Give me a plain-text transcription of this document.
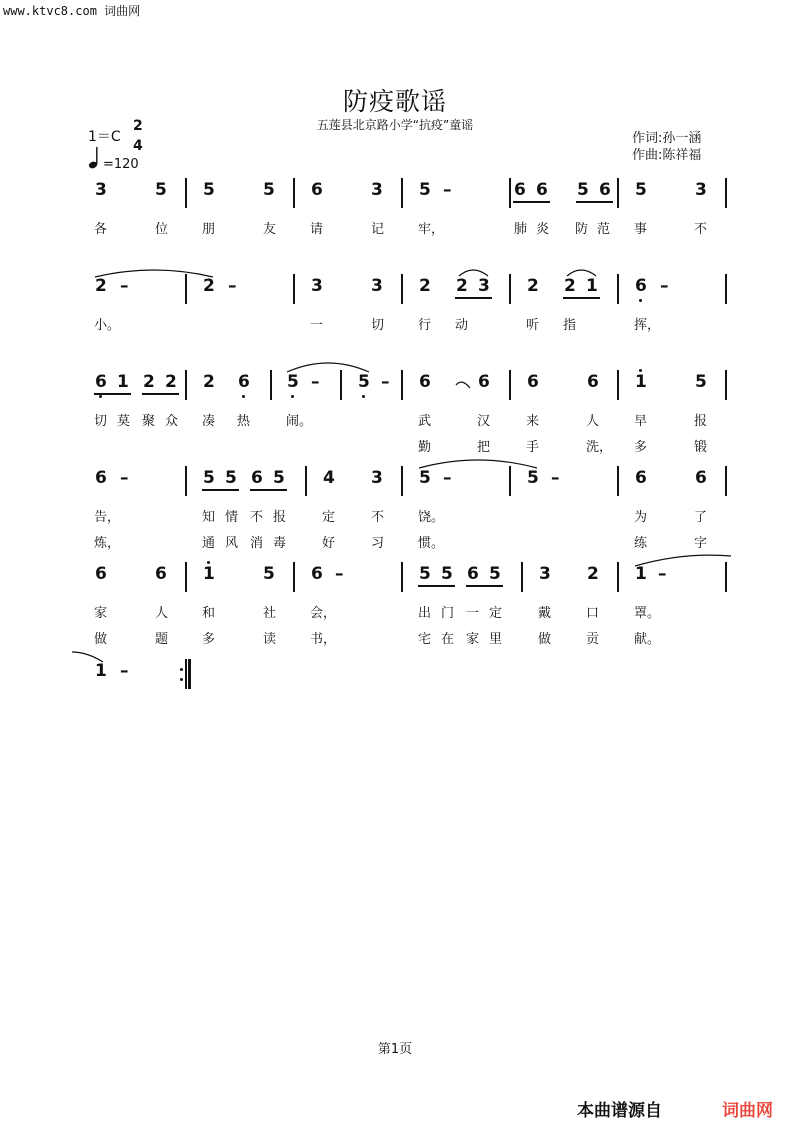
www.ktvc8.com 词曲网
防疫歌谣
五莲县北京路小学“抗疫”童谣
作词:孙一涵
作曲:陈祥福
1＝C
2
4
=120
3	5 5	5 6	3 5 –	6 6 5 6 5	3
各	位	朋	友	请	记	牢，	肺 炎 防 范 事	不
2 –	2 –	3	3 2 2 3 2 2 1 6 –
小。	一	切	行 动	听 指	挥，
6 1 2 2 2 6 5 – 5 – 6	6 6	6 1	5
切 莫 聚 众 凑 热	闹。	武	汉	来	人	早	报
勤	把	手	洗， 多	锻
6 –	5 5 6 5 4 3 5 –	5 –	6	6
告，	知 情 不 报	定	不	饶。	为	了
炼，	通 风 消 毒	好	习	惯。	练	字
6	6 1	5 6 –	5 5 6 5 3 2 1 –
家	人	和	社	会，	出 门 一 定	戴	口	罩。
做	题	多	读	书，	宅 在 家 里	做	贡	献。
1 –
第1页
本曲谱源自	词曲网
